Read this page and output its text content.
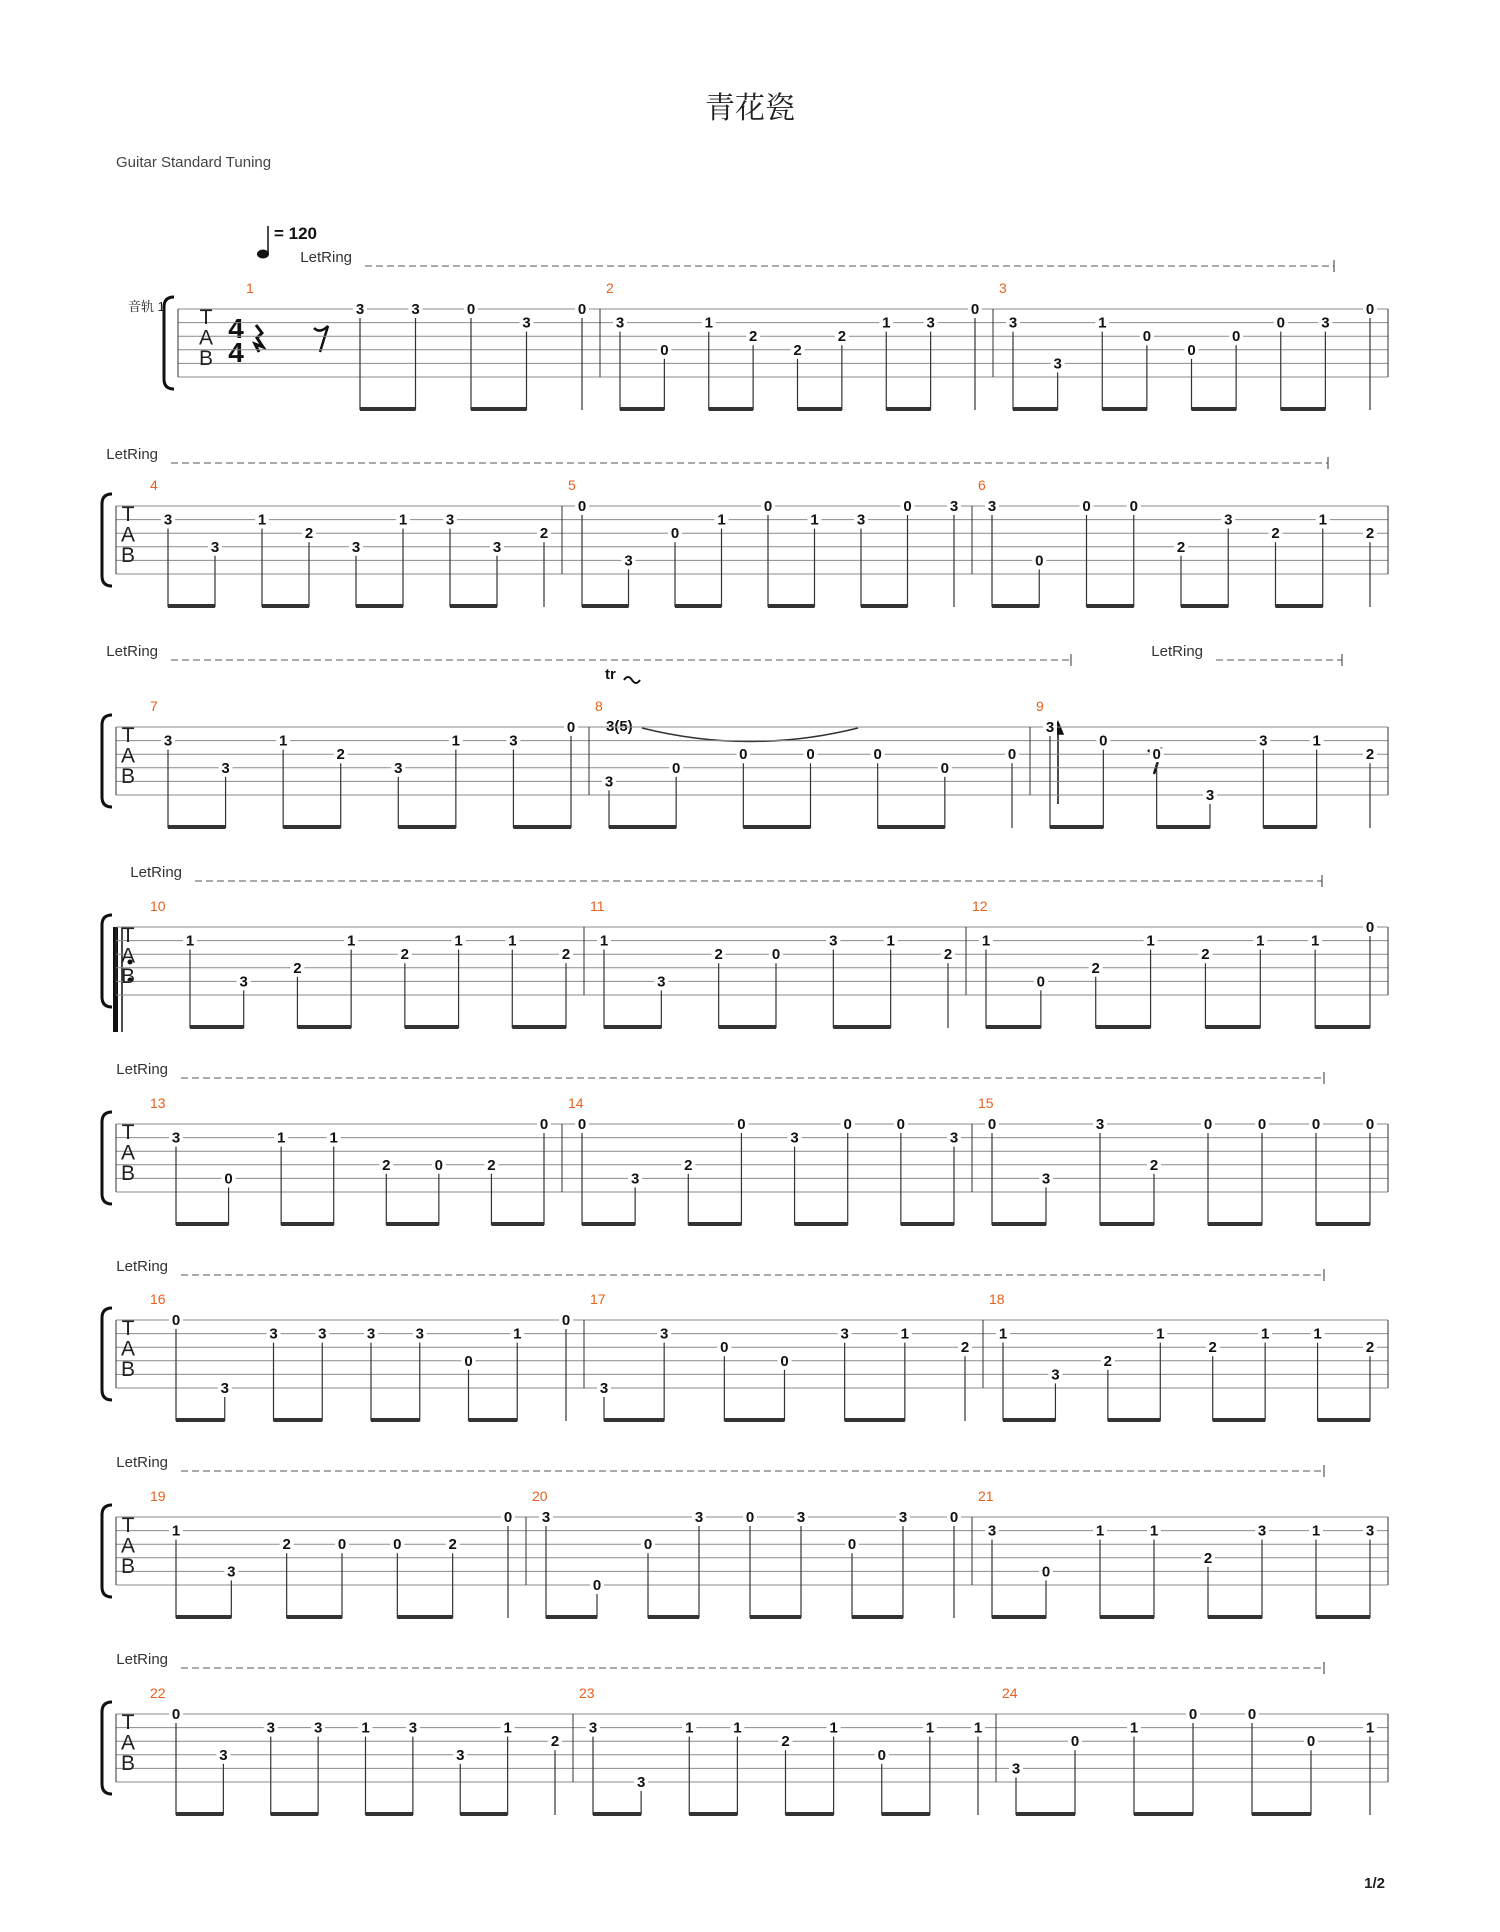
青花瓷
Guitar Standard Tuning
= 120
音轨 1
4
4
tr
3(5)
1/2
T
A
B
LetRing
1
3	3	0
3
0
2
3
0
1
2
2
2
1 3
0
3
3
3
1
0
0
0
0 3
0
T
A
B
LetRing
4
3
3
1
2
3
1	3
3
2
5
0
3
0
1
0
1	3
0	3
6
3
0
0	0
2
3
2
1
2
T
A
B
LetRing	LetRing
7
3
3
1
2
3
1	3
0
8
3
0
0	0	0
0
0
9
3
0
0
3
3	1
2
T
A
B
LetRing
10
1
3
2
1
2
1	1
2
11
1
3
2	0
3	1
2
12
1
0
2
1
2
1	1
0
T
A
B
LetRing
13
3
0
1	1
2	0	2
0
14
0
3
2
0
3
0	0
3
15
0
3
3
2
0	0	0	0
T
A
B
LetRing
16
0
3
3	3	3	3
0
1
0
17
3
3
0
0
3	1
2
18
1
3
2
1
2
1	1
2
T
A
B
LetRing
19
1
3
2	0	0	2
0
20
3
0
0
3	0	3
0
3	0
21
3
0
1	1
2
3	1	3
T
A
B
LetRing
22
0
3
3	3	1	3
3
1
2
23
3
3
1	1
2
1
0
1	1
24
3
0
1
0	0
0
1
